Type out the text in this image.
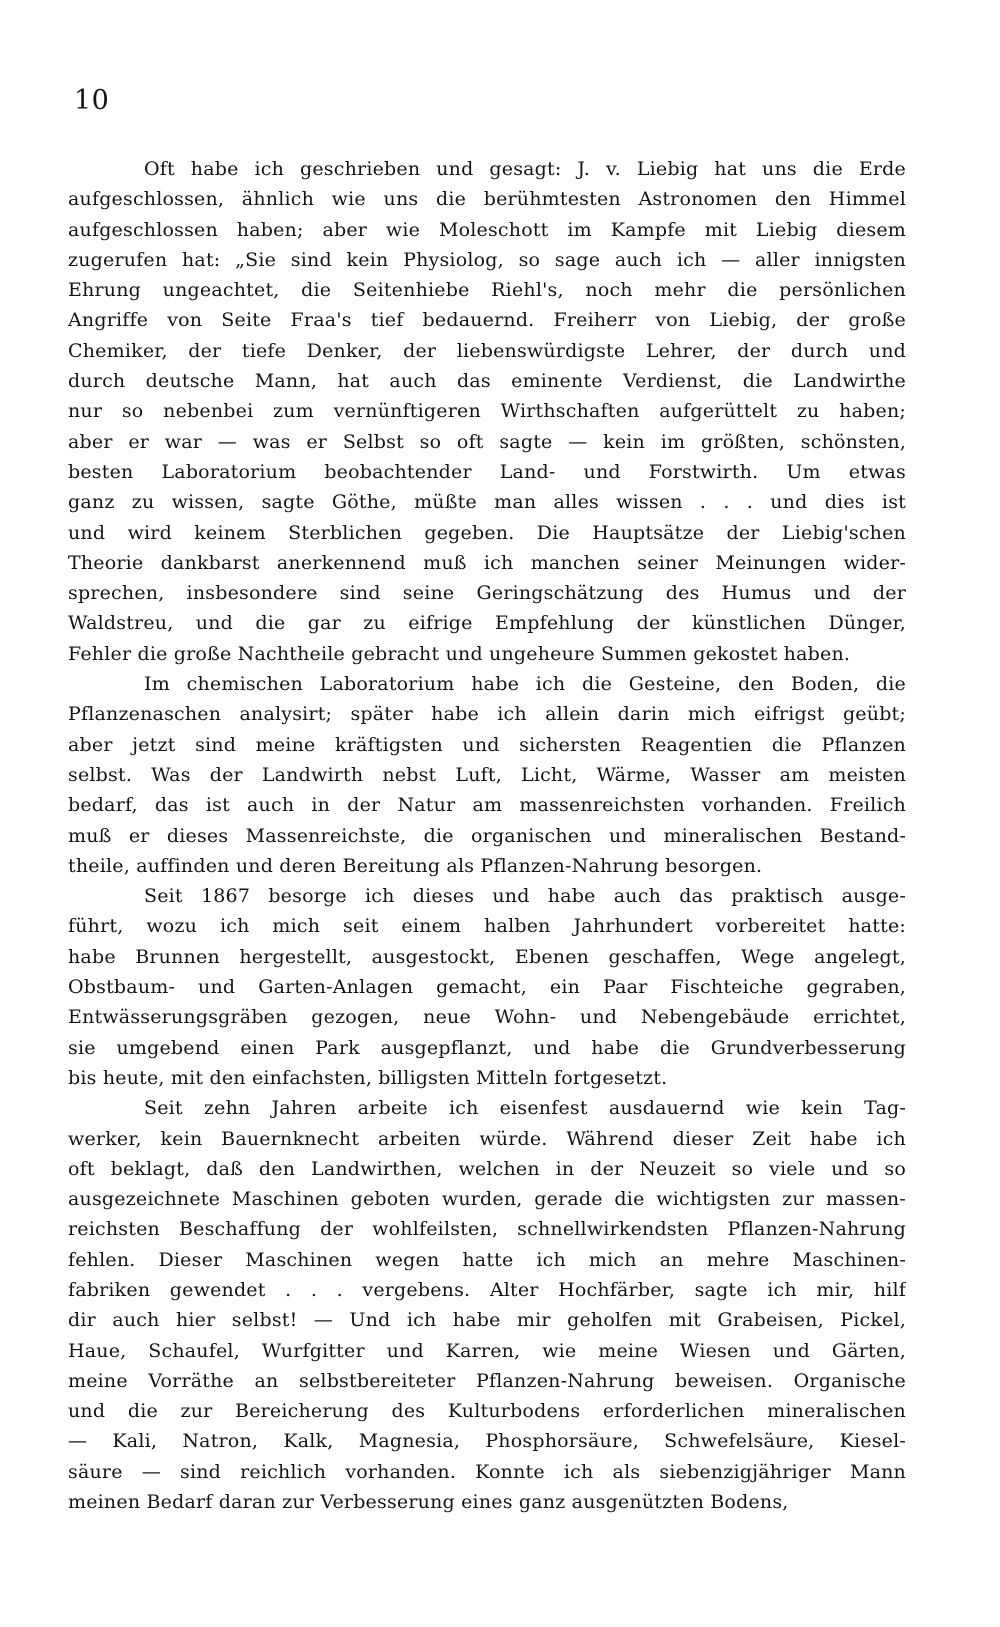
10
Oft habe ich geschrieben und gesagt: J. v. Liebig hat uns die Erde
aufgeschlossen, ähnlich wie uns die berühmtesten Astronomen den Himmel
aufgeschlossen haben; aber wie Moleschott im Kampfe mit Liebig diesem
zugerufen hat: „Sie sind kein Physiolog, so sage auch ich — aller innigsten
Ehrung ungeachtet, die Seitenhiebe Riehl's, noch mehr die persönlichen
Angriffe von Seite Fraa's tief bedauernd. Freiherr von Liebig, der große
Chemiker, der tiefe Denker, der liebenswürdigste Lehrer, der durch und
durch deutsche Mann, hat auch das eminente Verdienst, die Landwirthe
nur so nebenbei zum vernünftigeren Wirthschaften aufgerüttelt zu haben;
aber er war — was er Selbst so oft sagte — kein im größten, schönsten,
besten Laboratorium beobachtender Land- und Forstwirth. Um etwas
ganz zu wissen, sagte Göthe, müßte man alles wissen . . . und dies ist
und wird keinem Sterblichen gegeben. Die Hauptsätze der Liebig'schen
Theorie dankbarst anerkennend muß ich manchen seiner Meinungen wider-
sprechen, insbesondere sind seine Geringschätzung des Humus und der
Waldstreu, und die gar zu eifrige Empfehlung der künstlichen Dünger,
Fehler die große Nachtheile gebracht und ungeheure Summen gekostet haben.
Im chemischen Laboratorium habe ich die Gesteine, den Boden, die
Pflanzenaschen analysirt; später habe ich allein darin mich eifrigst geübt;
aber jetzt sind meine kräftigsten und sichersten Reagentien die Pflanzen
selbst. Was der Landwirth nebst Luft, Licht, Wärme, Wasser am meisten
bedarf, das ist auch in der Natur am massenreichsten vorhanden. Freilich
muß er dieses Massenreichste, die organischen und mineralischen Bestand-
theile, auffinden und deren Bereitung als Pflanzen-Nahrung besorgen.
Seit 1867 besorge ich dieses und habe auch das praktisch ausge-
führt, wozu ich mich seit einem halben Jahrhundert vorbereitet hatte:
habe Brunnen hergestellt, ausgestockt, Ebenen geschaffen, Wege angelegt,
Obstbaum- und Garten-Anlagen gemacht, ein Paar Fischteiche gegraben,
Entwässerungsgräben gezogen, neue Wohn- und Nebengebäude errichtet,
sie umgebend einen Park ausgepflanzt, und habe die Grundverbesserung
bis heute, mit den einfachsten, billigsten Mitteln fortgesetzt.
Seit zehn Jahren arbeite ich eisenfest ausdauernd wie kein Tag-
werker, kein Bauernknecht arbeiten würde. Während dieser Zeit habe ich
oft beklagt, daß den Landwirthen, welchen in der Neuzeit so viele und so
ausgezeichnete Maschinen geboten wurden, gerade die wichtigsten zur massen-
reichsten Beschaffung der wohlfeilsten, schnellwirkendsten Pflanzen-Nahrung
fehlen. Dieser Maschinen wegen hatte ich mich an mehre Maschinen-
fabriken gewendet . . . vergebens. Alter Hochfärber, sagte ich mir, hilf
dir auch hier selbst! — Und ich habe mir geholfen mit Grabeisen, Pickel,
Haue, Schaufel, Wurfgitter und Karren, wie meine Wiesen und Gärten,
meine Vorräthe an selbstbereiteter Pflanzen-Nahrung beweisen. Organische
und die zur Bereicherung des Kulturbodens erforderlichen mineralischen
— Kali, Natron, Kalk, Magnesia, Phosphorsäure, Schwefelsäure, Kiesel-
säure — sind reichlich vorhanden. Konnte ich als siebenzigjähriger Mann
meinen Bedarf daran zur Verbesserung eines ganz ausgenützten Bodens,
